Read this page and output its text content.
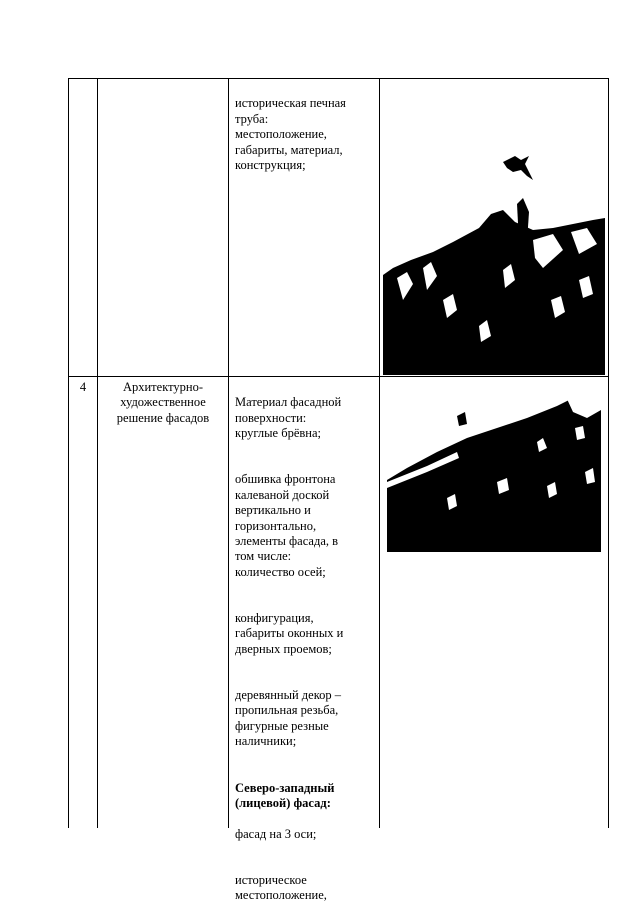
историческая печная
труба:
местоположение,
габариты, материал,
конструкция;

4	Архитектурно-
художественное
решение фасадов

Материал фасадной
поверхности:
круглые брёвна;

обшивка фронтона
калеваной доской
вертикально и
горизонтально,
элементы фасада, в
том числе:
количество осей;

конфигурация,
габариты оконных и
дверных проемов;

деревянный декор –
пропильная резьба,
фигурные резные
наличники;

Северо-западный
(лицевой) фасад:

фасад на 3 оси;

историческое
местоположение,
